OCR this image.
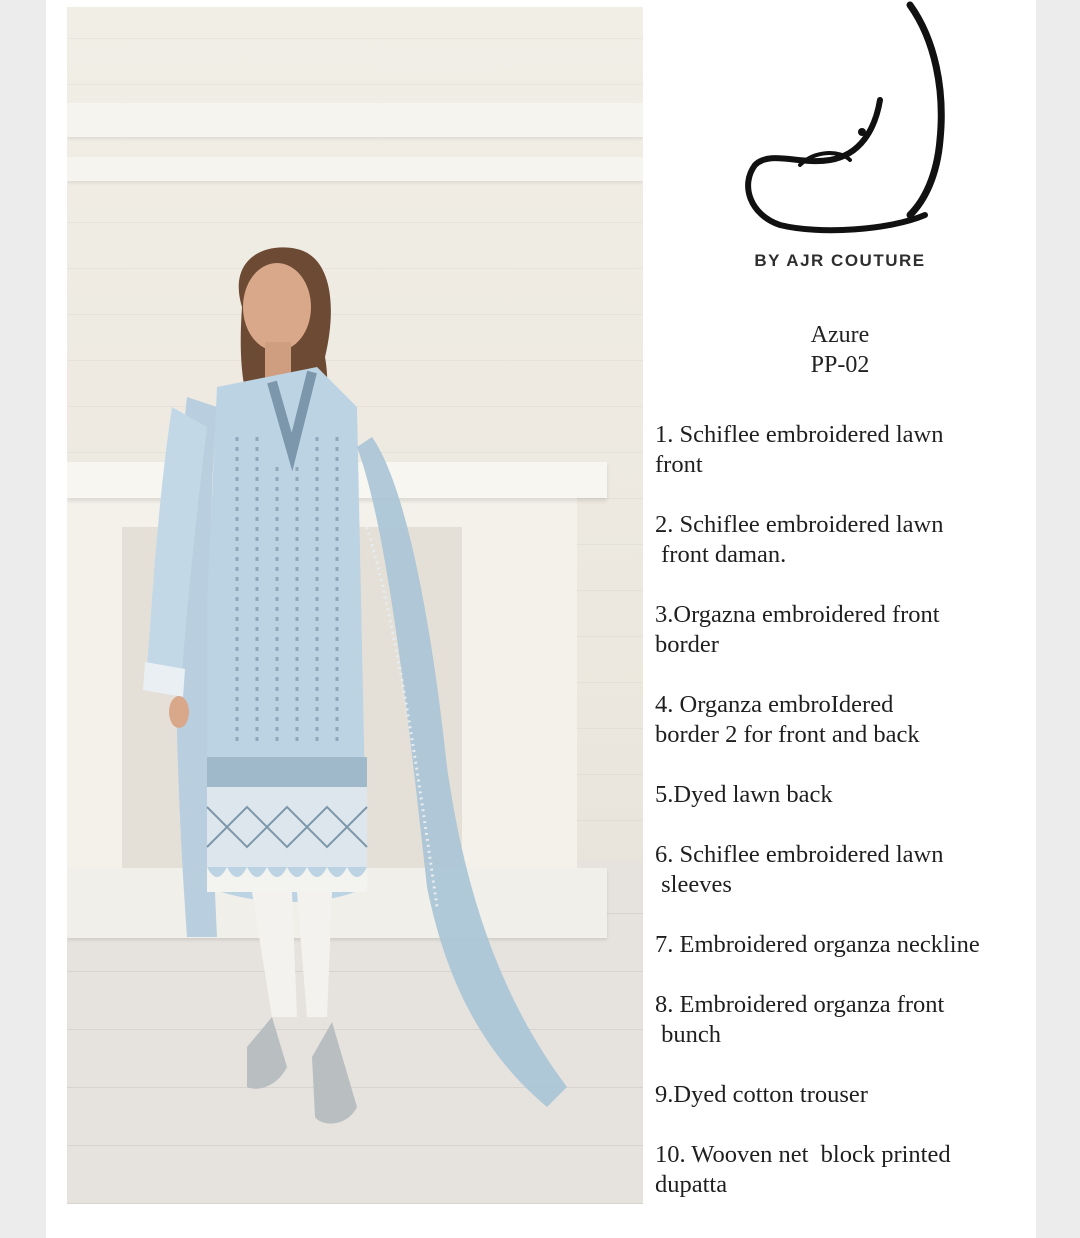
الف
BY AJR COUTURE
Azure
PP-02
1. Schiflee embroidered lawn
front
2. Schiflee embroidered lawn
front daman.
3.Orgazna embroidered front
border
4. Organza embroIdered
border 2 for front and back
5.Dyed lawn back
6. Schiflee embroidered lawn
sleeves
7. Embroidered organza neckline
8. Embroidered organza front
bunch
9.Dyed cotton trouser
10. Wooven net  block printed
dupatta
